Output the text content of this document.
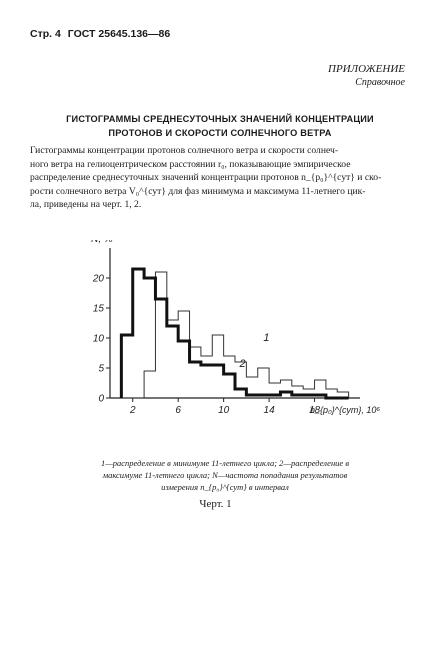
Стр. 4 ГОСТ 25645.136—86
ПРИЛОЖЕНИЕ
Справочное
ГИСТОГРАММЫ СРЕДНЕСУТОЧНЫХ ЗНАЧЕНИЙ КОНЦЕНТРАЦИИ
ПРОТОНОВ И СКОРОСТИ СОЛНЕЧНОГО ВЕТРА
Гистограммы концентрации протонов солнечного ветра и скорости солнеч-
ного ветра на гелиоцентрическом расстоянии r₀, показывающие эмпирическое
распределение среднесуточных значений концентрации протонов n_{p₀}^{сут} и ско-
рости солнечного ветра V₀^{сут} для фаз минимума и максимума 11-летнего цик-
ла, приведены на черт. 1, 2.
0
5
10
15
20
2	6	10	14	18
n_{p₀}^{сут}, 10⁶
1
2
1—распределение в минимуме 11-летнего цикла; 2—распределение в
максимуме 11-летнего цикла; N—частота попадания результатов
измерения n_{p₀}^{сут} в интервал
Черт. 1
